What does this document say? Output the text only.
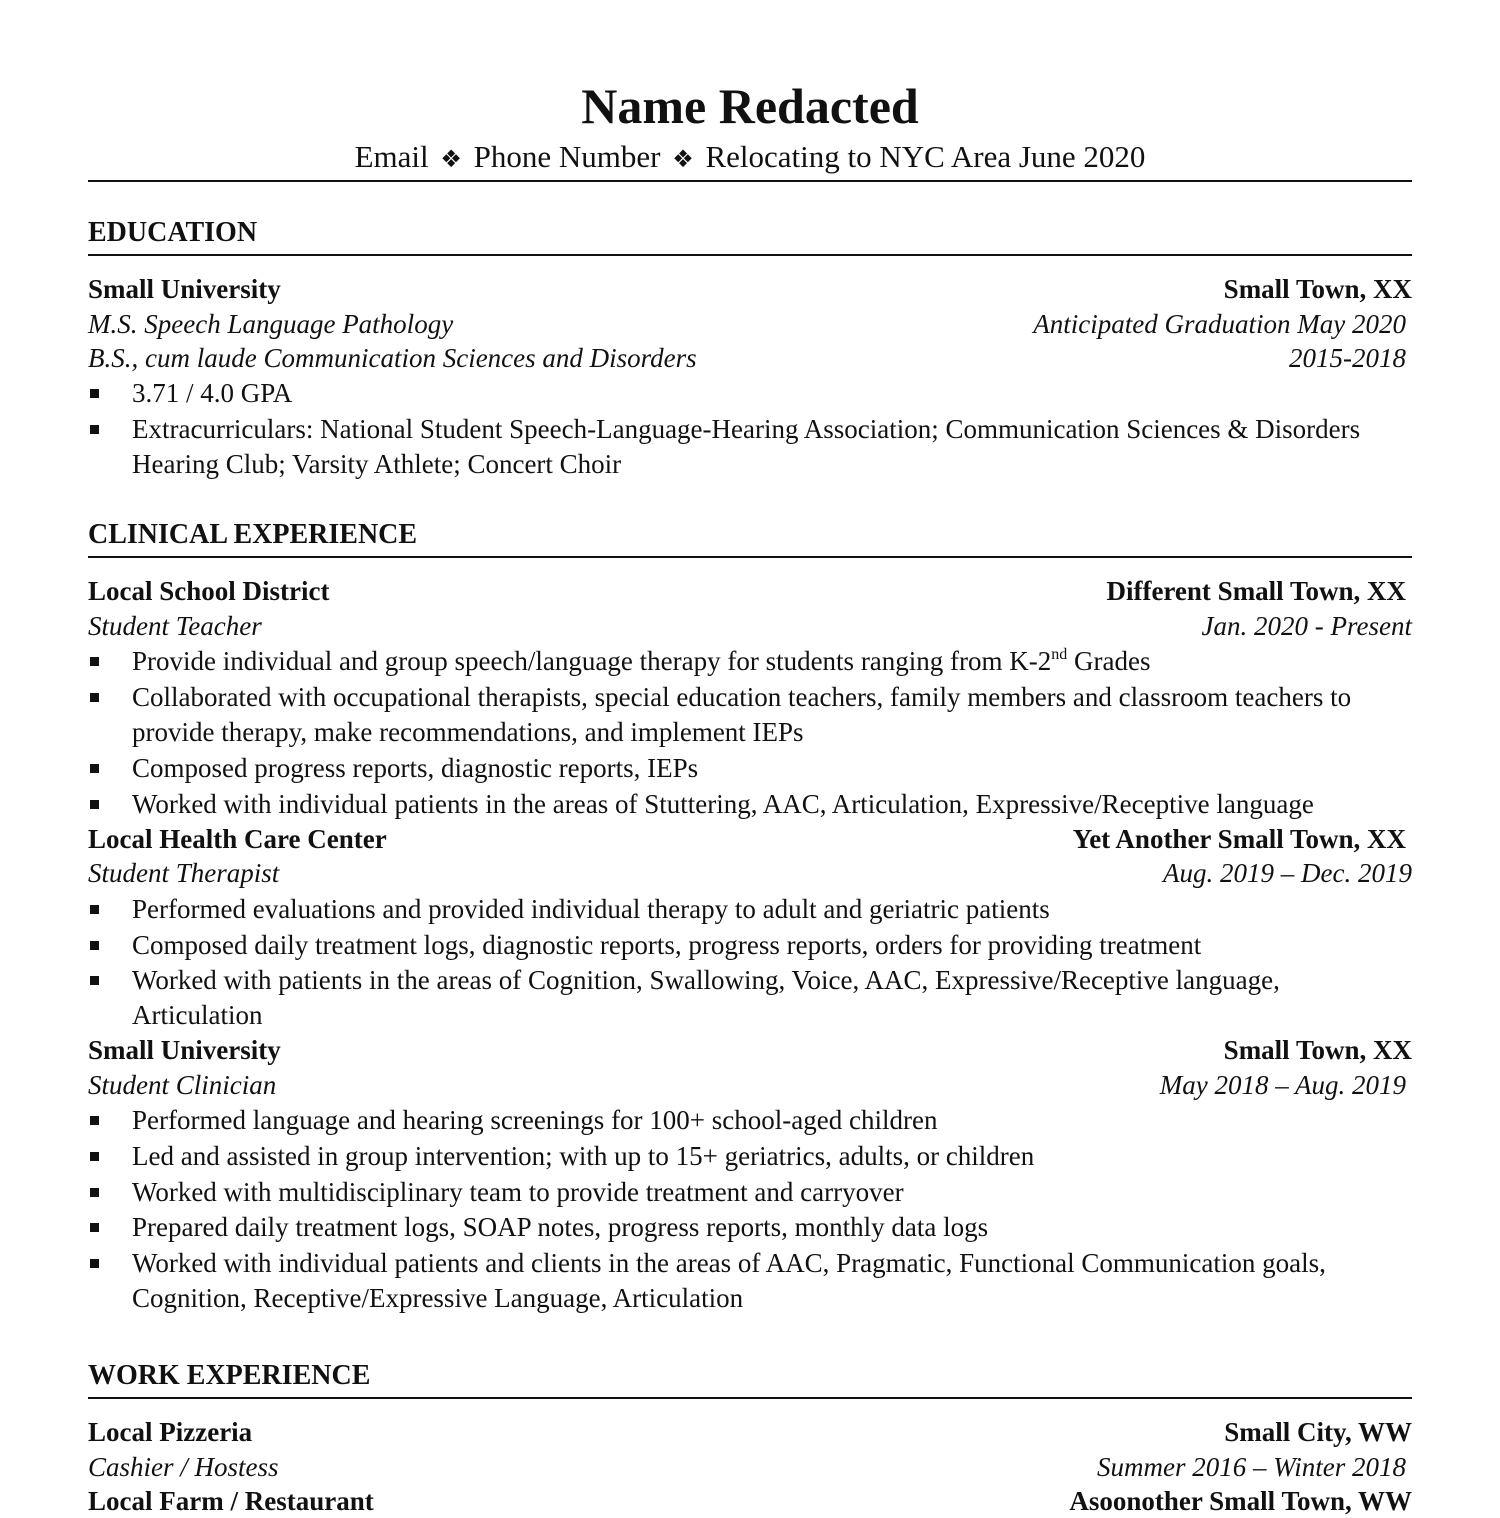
Name Redacted
Email ❖ Phone Number ❖ Relocating to NYC Area June 2020
EDUCATION
Small University	Small Town, XX
M.S. Speech Language Pathology	Anticipated Graduation May 2020
B.S., cum laude Communication Sciences and Disorders	2015-2018
3.71 / 4.0 GPA
Extracurriculars: National Student Speech-Language-Hearing Association; Communication Sciences & Disorders Hearing Club; Varsity Athlete; Concert Choir
CLINICAL EXPERIENCE
Local School District	Different Small Town, XX
Student Teacher	Jan. 2020 - Present
Provide individual and group speech/language therapy for students ranging from K-2nd Grades
Collaborated with occupational therapists, special education teachers, family members and classroom teachers to provide therapy, make recommendations, and implement IEPs
Composed progress reports, diagnostic reports, IEPs
Worked with individual patients in the areas of Stuttering, AAC, Articulation, Expressive/Receptive language
Local Health Care Center	Yet Another Small Town, XX
Student Therapist	Aug. 2019 – Dec. 2019
Performed evaluations and provided individual therapy to adult and geriatric patients
Composed daily treatment logs, diagnostic reports, progress reports, orders for providing treatment
Worked with patients in the areas of Cognition, Swallowing, Voice, AAC, Expressive/Receptive language, Articulation
Small University	Small Town, XX
Student Clinician	May 2018 – Aug. 2019
Performed language and hearing screenings for 100+ school-aged children
Led and assisted in group intervention; with up to 15+ geriatrics, adults, or children
Worked with multidisciplinary team to provide treatment and carryover
Prepared daily treatment logs, SOAP notes, progress reports, monthly data logs
Worked with individual patients and clients in the areas of AAC, Pragmatic, Functional Communication goals, Cognition, Receptive/Expressive Language, Articulation
WORK EXPERIENCE
Local Pizzeria	Small City, WW
Cashier / Hostess	Summer 2016 – Winter 2018
Local Farm / Restaurant	Asoonother Small Town, WW
